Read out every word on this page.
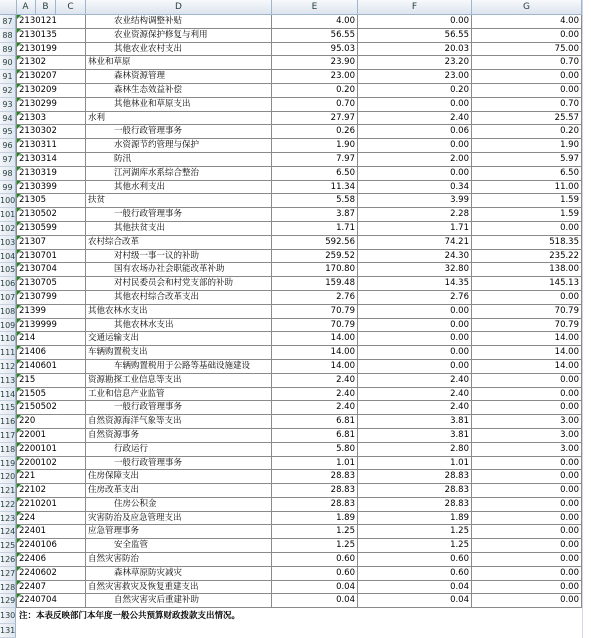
A	B	C	D	E	F	G
87 2130121	农业结构调整补贴	4.00	0.00	4.00
88 2130135	农业资源保护修复与利用	56.55	56.55	0.00
89 2130199	其他农业农村支出	95.03	20.03	75.00
90 21302	林业和草原	23.90	23.20	0.70
91 2130207	森林资源管理	23.00	23.00	0.00
92 2130209	森林生态效益补偿	0.20	0.20	0.00
93 2130299	其他林业和草原支出	0.70	0.00	0.70
94 21303	水利	27.97	2.40	25.57
95 2130302	一般行政管理事务	0.26	0.06	0.20
96 2130311	水资源节约管理与保护	1.90	0.00	1.90
97 2130314	防汛	7.97	2.00	5.97
98 2130319	江河湖库水系综合整治	6.50	0.00	6.50
99 2130399	其他水利支出	11.34	0.34	11.00
100 21305	扶贫	5.58	3.99	1.59
101 2130502	一般行政管理事务	3.87	2.28	1.59
102 2130599	其他扶贫支出	1.71	1.71	0.00
103 21307	农村综合改革	592.56	74.21	518.35
104 2130701	对村级一事一议的补助	259.52	24.30	235.22
105 2130704	国有农场办社会职能改革补助	170.80	32.80	138.00
106 2130705	对村民委员会和村党支部的补助	159.48	14.35	145.13
107 2130799	其他农村综合改革支出	2.76	2.76	0.00
108 21399	其他农林水支出	70.79	0.00	70.79
109 2139999	其他农林水支出	70.79	0.00	70.79
110 214	交通运输支出	14.00	0.00	14.00
111 21406	车辆购置税支出	14.00	0.00	14.00
112 2140601	车辆购置税用于公路等基础设施建设	14.00	0.00	14.00
113 215	资源勘探工业信息等支出	2.40	2.40	0.00
114 21505	工业和信息产业监管	2.40	2.40	0.00
115 2150502	一般行政管理事务	2.40	2.40	0.00
116 220	自然资源海洋气象等支出	6.81	3.81	3.00
117 22001	自然资源事务	6.81	3.81	3.00
118 2200101	行政运行	5.80	2.80	3.00
119 2200102	一般行政管理事务	1.01	1.01	0.00
120 221	住房保障支出	28.83	28.83	0.00
121 22102	住房改革支出	28.83	28.83	0.00
122 2210201	住房公积金	28.83	28.83	0.00
123 224	灾害防治及应急管理支出	1.89	1.89	0.00
124 22401	应急管理事务	1.25	1.25	0.00
125 2240106	安全监管	1.25	1.25	0.00
126 22406	自然灾害防治	0.60	0.60	0.00
127 2240602	森林草原防灾减灾	0.60	0.60	0.00
128 22407	自然灾害救灾及恢复重建支出	0.04	0.04	0.00
129 2240704	自然灾害灾后重建补助	0.04	0.04	0.00
130 注：本表反映部门本年度一般公共预算财政拨款支出情况。
131
